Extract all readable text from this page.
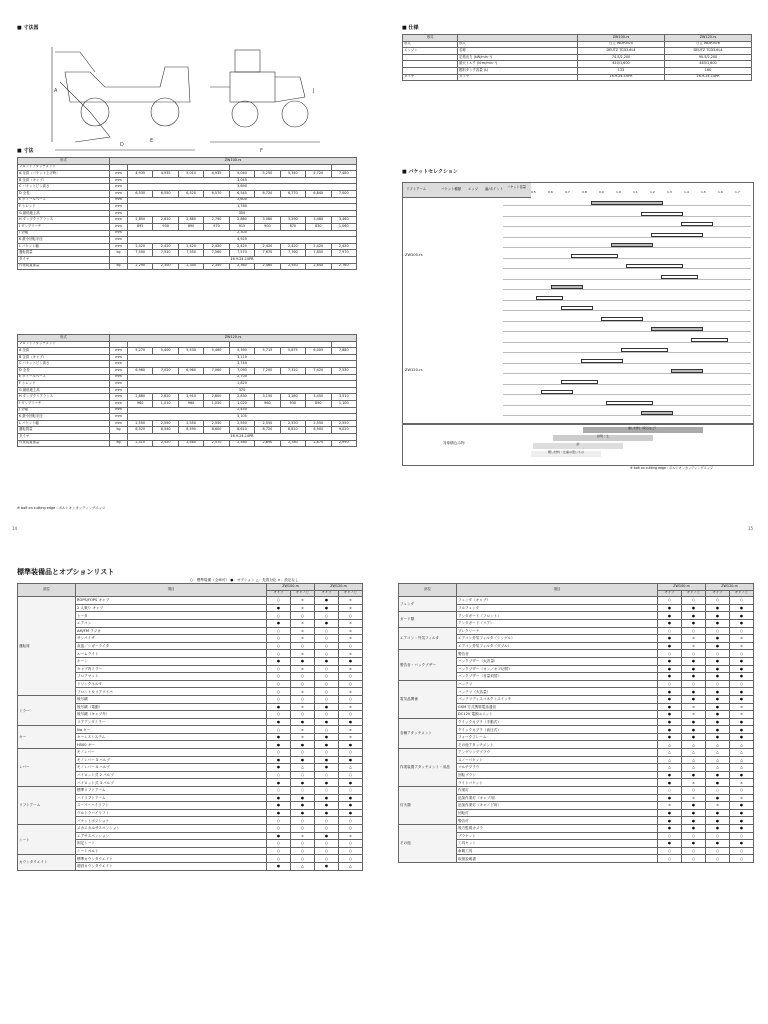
■ 寸法図
D
A
E
F
J
■ 寸法
形式	ZW100-rs									
フロントアタッチメント										
A 全高（バケット上げ時）	mm	4,935	4,935	5,010	4,935	5,040	5,250	5,340	5,720	7,480
B 全高（キャブ）	mm	3,045								
C バケットピン高さ	mm	3,690								
D 全長	mm	6,530	6,550	6,520	6,570	6,545	6,720	6,770	6,840	7,000
E ホイールベース	mm	2,600								
F トレッド	mm	1,780								
G 最低地上高	mm	350								
H ダンプクリアランス	mm	2,850	2,810	2,880	2,790	2,860	3,080	3,290	3,480	3,460
I ダンプリーチ	mm	895	930	890	970	915	900	870	830	1,060
J 全幅	mm	2,300								
K 最小回転半径	mm	4,925								
L バケット幅	mm	2,420	2,420	2,420	2,420	2,420	2,420	2,420	2,420	2,420
運転質量	kg	7,500	7,510	7,550	7,560	7,570	7,670	7,760	7,850	7,970
タイヤ		16.9-24-10PR								
作業装置重量	kg	2,290	2,300	2,340	2,350	2,360	2,460	2,550	2,640	2,760
形式	ZW120-rs									
フロントアタッチメント										
A 全高	mm	5,270	5,400	5,530	5,460	5,390	5,715	5,875	6,005	7,880
B 全高（キャブ）	mm	3,110								
C バケットピン高さ	mm	3,740								
D 全長	mm	6,960	7,020	6,960	7,060	7,090	7,200	7,310	7,420	7,530
E ホイールベース	mm	2,700								
F トレッド	mm	1,820								
G 最低地上高	mm	370								
H ダンプクリアランス	mm	2,880	2,820	2,910	2,800	2,830	3,150	3,280	3,450	3,510
I ダンプリーチ	mm	960	1,010	960	1,050	1,020	960	930	890	1,100
J 全幅	mm	2,450								
K 最小回転半径	mm	5,105								
L バケット幅	mm	2,550	2,550	2,550	2,550	2,550	2,550	2,550	2,550	2,550
運転質量	kg	8,520	8,540	8,590	8,600	8,610	8,720	8,810	8,900	9,020
タイヤ		16.9-24-10PR								
作業装置重量	kg	2,510	2,520	2,560	2,570	2,580	2,690	2,780	2,870	2,990
※ bolt on cutting edge : ボルトオンカッティングエッジ
■ 仕様
形式		ZW100-rs	ZW120-rs
形式	形式	日立 WDP-N75	日立 WDP-N76
エンジン	名称	DEUTZ TCD3.6L4	DEUTZ TCD3.6L4
	定格出力 (kW/min⁻¹)	74.5/2,200	90.5/2,200
	最大トルク (N·m/min⁻¹)	410/1,600	463/1,600
	燃料タンク容量 (L)	133	160
タイヤ	タイヤ	16.9-24-10PR	16.9-24-10PR
■ バケットセレクション
リフトアーム	バケット種類 エッジ 歯/ポイント バケット容量
0.5	0.6	0.7	0.8	0.9	1.0	1.1	1.2	1.3	1.4	1.5	1.6	1.7
ZW100-rs
ZW120-rs
対象積込み物
重い材料（砕石など）
砂利・土
砂
軽い材料・比重の低いもの
※ bolt on cutting edge : ボルトオンカッティングエッジ
14	15
標準装備品とオプションリスト
○：標準装備（全車可） ●：オプション △：先着対応 ×：設定なし
部位	項目	ZW100-rs		ZW120-rs	
		キャブ	キャノピ	キャブ	キャノピ
運転席	ROPS/FOPS キャブ	○	×	●	×
	2 人乗り キャブ	●	×	●	×
	ヒータ	○	○	○	○
	エアコン	●	×	●	×
	AM/FM ラジオ	○	×	○	×
	サンバイザ	○	×	○	×
	灰皿／シガーライタ	○	○	○	○
	ルームライト	○	×	○	×
	ホーン	●	●	●	●
	キャブ内ミラー	○	×	○	×
	フロアマット	○	○	○	○
	ドリンクホルダ	○	○	○	○
	フロント＆リアワイパ	○	×	○	×
ミラー	後写鏡	○	○	○	○
	後写鏡（電動）	●	×	●	×
	後写鏡（キャブ外）	○	○	○	○
	リアアンダミラー	●	●	●	●
キー	No キー	○	×	○	×
	キーレスシステム	●	×	●	×
	H500 キー	●	●	●	●
レバー	モノレバー	○	○	○	○
	モノレバー 3 バルブ	●	●	●	●
	モノレバー 4 バルブ	●	△	●	△
	パイロット式 2 バルブ	○	○	○	○
	パイロット式 3 バルブ	●	●	●	●
リフトアーム	標準リフトアーム	○	○	○	○
	ハイリフトアーム	●	●	●	●
	スーパーハイリフト	●	●	●	●
	ウルトラハイリフト	●	●	●	●
	パケットポジショナ	○	○	○	○
シート	メカニカルサスペンション	○	○	○	○
	エアサスペンション	●	×	●	×
	固定シート	○	○	○	○
	シートベルト	○	○	○	○
カウンタウエイト	標準カウンタウエイト	○	○	○	○
	増設カウンタウエイト	●	△	●	△
部位	項目	ZW100-rs		ZW120-rs	
		キャブ	キャノピ	キャブ	キャノピ
フェンダ	フェンダ（キャブ）	○	○	○	○
	フルフェンダ	●	●	●	●
ガード類	アンダガード（フロント）	●	●	●	●
	アンダガード（リア）	●	●	●	●
エアコン・外気フィルタ	プレクリーナ	○	○	○	○
	エアコン外気フィルタ（シングル）	●	×	●	×
	エアコン外気フィルタ（ダブル）	●	×	●	×
警告音・バックブザー	警告音	○	○	○	○
	バックブザー（大音量）	●	●	●	●
	バックブザー（オン／オフ切替）	●	●	●	●
	バックブザー（音量切替）	●	●	●	●
電気品関係	バッテリ	○	○	○	○
	バッテリ（大容量）	●	●	●	●
	バッテリディスコネクトスイッチ	●	●	●	●
	GSM 方式携帯電話通信	●	×	●	×
	DC12V 電源ユニット	●	×	●	×
各種アタッチメント	クイックカプラ（手動式）	●	●	●	●
	クイックカプラ（油圧式）	●	●	●	●
	フォークフレーム	●	●	●	●
	その他アタッチメント	△	△	△	△
作業装置アタッチメント・用品	アングリングブラウ	△	△	△	△
	スノーバケット	△	△	△	△
	マルチプラウ	△	△	△	△
	回転ブラシ	●	●	●	●
	ライトバケット	●	×	●	×
灯火類	作業灯	○	○	○	○
	追加作業灯（キャブ用）	●	×	●	×
	追加作業灯（キャノピ用）	×	●	×	●
	回転灯	●	●	●	●
	警告灯	●	●	●	●
その他	後方監視カメラ	●	●	●	●
	ブラケット	○	○	○	○
	工具セット	●	●	●	●
	車載工具	○	○	○	○
	取扱説明書	○	○	○	○
